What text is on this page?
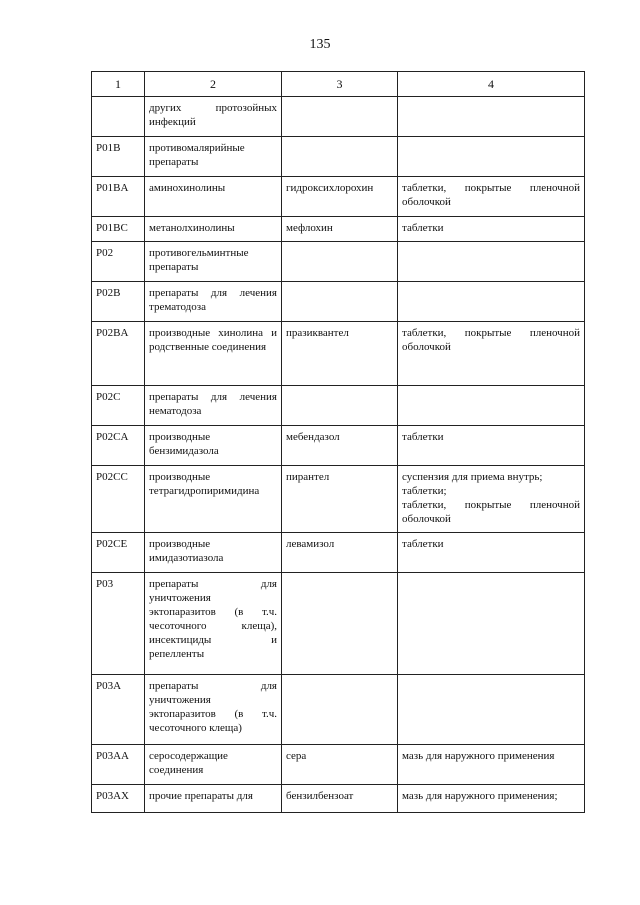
135
1	2	3	4

	других протозойных инфекций		

P01B	противомалярийные препараты		

P01BA	аминохинолины	гидроксихлорохин	таблетки, покрытые пленочной оболочкой

P01BC	метанолхинолины	мефлохин	таблетки

P02	противогельминтные препараты		

P02B	препараты для лечения трематодоза		

P02BA	производные хинолина и родственные соединения	празиквантел	таблетки, покрытые пленочной оболочкой

P02C	препараты для лечения нематодоза		

P02CA	производные бензимидазола	мебендазол	таблетки

P02CC	производные тетрагидропиримидина	пирантел	суспензия для приема внутрь;
таблетки;
таблетки, покрытые пленочной оболочкой

P02CE	производные имидазотиазола	левамизол	таблетки

P03	препараты для уничтожения эктопаразитов (в т.ч. чесоточного клеща), инсектициды и репелленты		

P03A	препараты для уничтожения эктопаразитов (в т.ч. чесоточного клеща)		

P03AA	серосодержащие соединения	сера	мазь для наружного применения

P03AX	прочие препараты для	бензилбензоат	мазь для наружного применения;
